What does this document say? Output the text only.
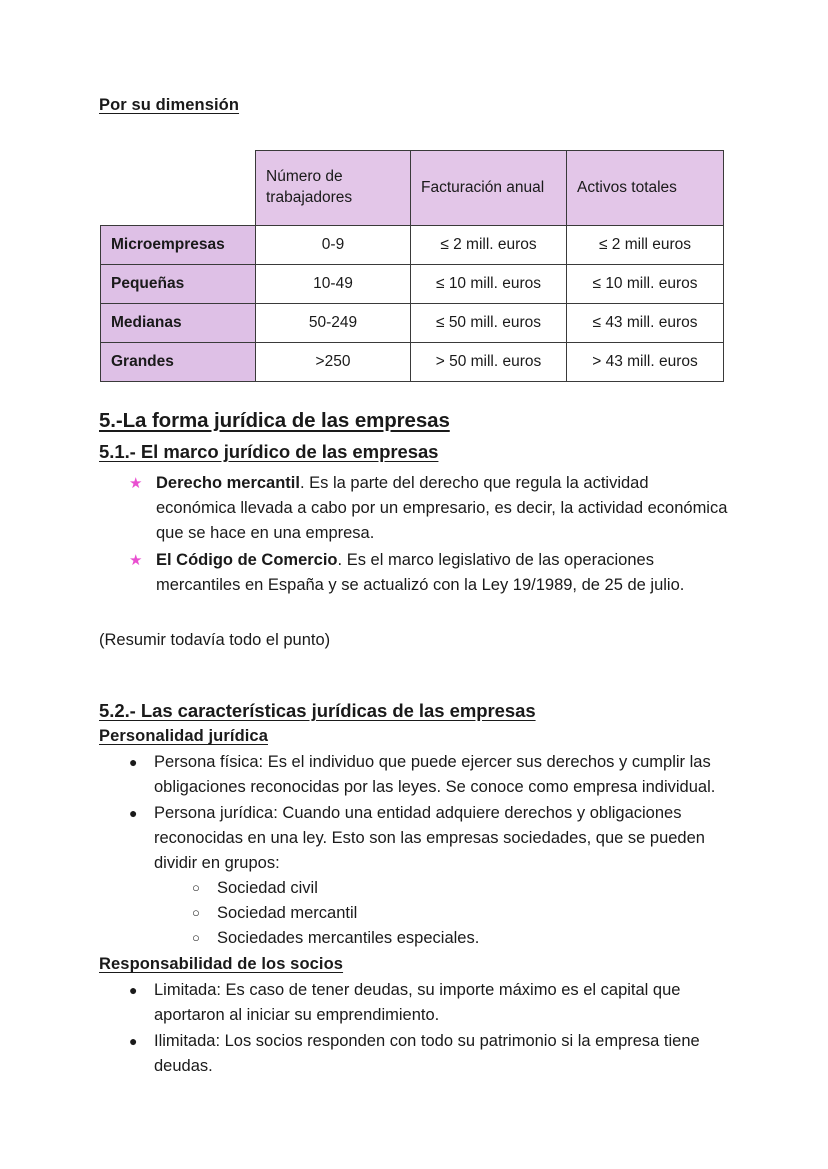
Por su dimensión
	Número de trabajadores	Facturación anual	Activos totales
Microempresas	0-9	≤ 2 mill. euros	≤ 2 mill euros
Pequeñas	10-49	≤ 10 mill. euros	≤ 10 mill. euros
Medianas	50-249	≤ 50 mill. euros	≤ 43 mill. euros
Grandes	>250	> 50 mill. euros	> 43 mill. euros
5.-La forma jurídica de las empresas
5.1.- El marco jurídico de las empresas
★ Derecho mercantil. Es la parte del derecho que regula la actividad económica llevada a cabo por un empresario, es decir, la actividad económica que se hace en una empresa.
★ El Código de Comercio. Es el marco legislativo de las operaciones mercantiles en España y se actualizó con la Ley 19/1989, de 25 de julio.

(Resumir todavía todo el punto)

5.2.- Las características jurídicas de las empresas
Personalidad jurídica
● Persona física: Es el individuo que puede ejercer sus derechos y cumplir las obligaciones reconocidas por las leyes. Se conoce como empresa individual.
● Persona jurídica: Cuando una entidad adquiere derechos y obligaciones reconocidas en una ley. Esto son las empresas sociedades, que se pueden dividir en grupos:
○ Sociedad civil
○ Sociedad mercantil
○ Sociedades mercantiles especiales.
Responsabilidad de los socios
● Limitada: Es caso de tener deudas, su importe máximo es el capital que aportaron al iniciar su emprendimiento.
● Ilimitada: Los socios responden con todo su patrimonio si la empresa tiene deudas.
